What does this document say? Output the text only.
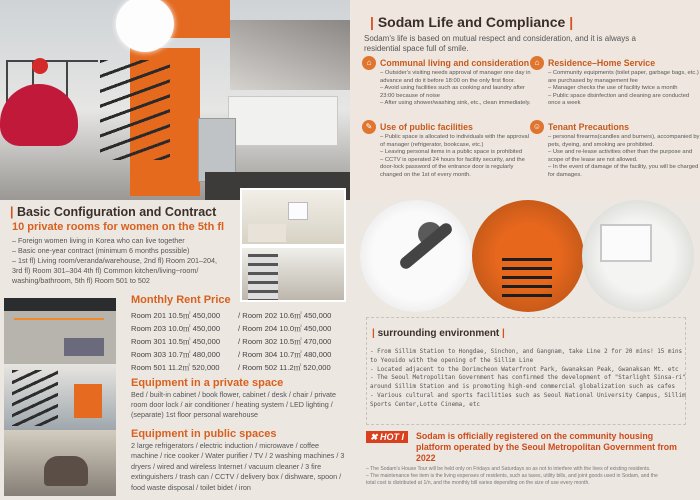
| Basic Configuration and Contract
10 private rooms for women on the 5th fl
– Foreign women living in Korea who can live together
– Basic one-year contract (minimum 6 months possible)
– 1st fl) Living room/veranda/warehouse, 2nd fl) Room 201–204,
3rd fl) Room 301–304 4th fl) Common kitchen/living~room/
washing/bathroom, 5th fl) Room 501 to 502
Monthly Rent Price
Room 201 10.5㎡ 450,000	/ Room 202 10.6㎡ 450,000
Room 203 10.0㎡ 450,000	/ Room 204 10.0㎡ 450,000
Room 301 10.5㎡ 450,000	/ Room 302 10.5㎡ 470,000
Room 303 10.7㎡ 480,000	/ Room 304 10.7㎡ 480,000
Room 501 11.2㎡ 520,000	/ Room 502 11.2㎡ 520,000
Equipment in a private space
Bed / built-in cabinet / book flower, cabinet / desk / chair / private room door lock / air conditioner / heating system / LED lighting / (separate) 1st floor personal warehouse
Equipment in public spaces
2 large refrigerators / electric induction / microwave / coffee machine / rice cooker / Water purifier / TV / 2 washing machines / 3 dryers / wired and wireless Internet / vacuum cleaner / 3 fire extinguishers / trash can / CCTV / delivery box / dishware, spoon / food waste disposal / toilet bidet / iron
| Sodam Life and Compliance |
Sodam's life is based on mutual respect and consideration, and it is always a residential space full of smile.
⌂ Communal living and consideration
– Outsider's visiting needs approval of manager one day in advance and do it before 18:00 on the only first floor.
– Avoid using facilities such as cooking and laundry after 23:00 because of noise
– After using shower/washing sink, etc., clean immediately.
⌂ Residence–Home Service
– Community equipments (toilet paper, garbage bags, etc.) are purchased by management fee
– Manager checks the use of facility twice a month
– Public space disinfection and cleaning are conducted once a week
✎ Use of public facilities
– Public space is allocated to individuals with the approval of manager (refrigerator, bookcase, etc.)
– Leaving personal items in a public space is prohibited
– CCTV is operated 24 hours for facility security, and the door-lock password of the entrance door is regularly changed on the 1st of every month.
☺ Tenant Precautions
– personal firearms(candles and burners), accompanied by pets, dyeing, and smoking are prohibited.
– Use and re-lease activities other than the purpose and scope of the lease are not allowed.
– In the event of damage of the facility, you will be charged for damages.
| surrounding environment |
- From Sillim Station to Hongdae, Sinchon, and Gangnam, take Line 2 for 20 mins! 15 mins
to Yeouido with the opening of the Sillim Line
- Located adjacent to the Dorimcheon Waterfront Park, Gwanaksan Peak, Gwanaksan Mt. etc
- The Seoul Metropolitan Government has confirmed the development of "Starlight Sinsa-ri"
around Sillim Station and is promoting high-end commercial globalization such as cafes
- Various cultural and sports facilities such as Seoul National University Campus, Sillim
Sports Center,Lotte Cinema, etc
✖ HOT I	Sodam is officially registered on the community housing
platform operated by the Seoul Metropolitan Government from 2022
– The Sodam's House Tour will be held only on Fridays and Saturdays so as not to interfere with the lives of existing residents.
– The maintenance fee item is the living expenses of residents, such as taxes, utility bills, and joint goods used in Sodam, and the
total cost is distributed at 1/n, and the monthly bill varies depending on the size of use every month.
